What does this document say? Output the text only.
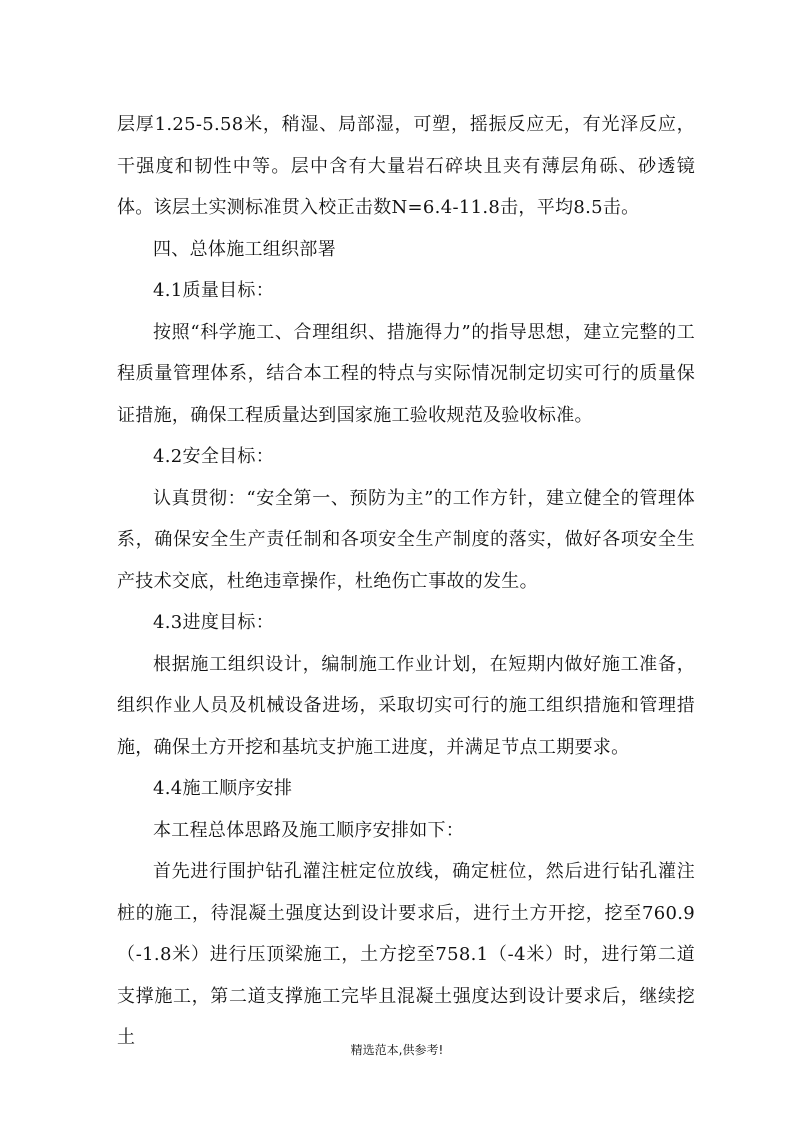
层厚1.25-5.58米，稍湿、局部湿，可塑，摇振反应无，有光泽反应，干强度和韧性中等。层中含有大量岩石碎块且夹有薄层角砾、砂透镜体。该层土实测标准贯入校正击数N=6.4-11.8击，平均8.5击。

四、总体施工组织部署

4.1质量目标：

按照“科学施工、合理组织、措施得力”的指导思想，建立完整的工程质量管理体系，结合本工程的特点与实际情况制定切实可行的质量保证措施，确保工程质量达到国家施工验收规范及验收标准。

4.2安全目标：

认真贯彻：“安全第一、预防为主”的工作方针，建立健全的管理体系，确保安全生产责任制和各项安全生产制度的落实，做好各项安全生产技术交底，杜绝违章操作，杜绝伤亡事故的发生。

4.3进度目标：

根据施工组织设计，编制施工作业计划，在短期内做好施工准备，组织作业人员及机械设备进场，采取切实可行的施工组织措施和管理措施，确保土方开挖和基坑支护施工进度，并满足节点工期要求。

4.4施工顺序安排

本工程总体思路及施工顺序安排如下：

首先进行围护钻孔灌注桩定位放线，确定桩位，然后进行钻孔灌注桩的施工，待混凝土强度达到设计要求后，进行土方开挖，挖至760.9（-1.8米）进行压顶梁施工，土方挖至758.1（-4米）时，进行第二道支撑施工，第二道支撑施工完毕且混凝土强度达到设计要求后，继续挖土

精选范本,供参考!
